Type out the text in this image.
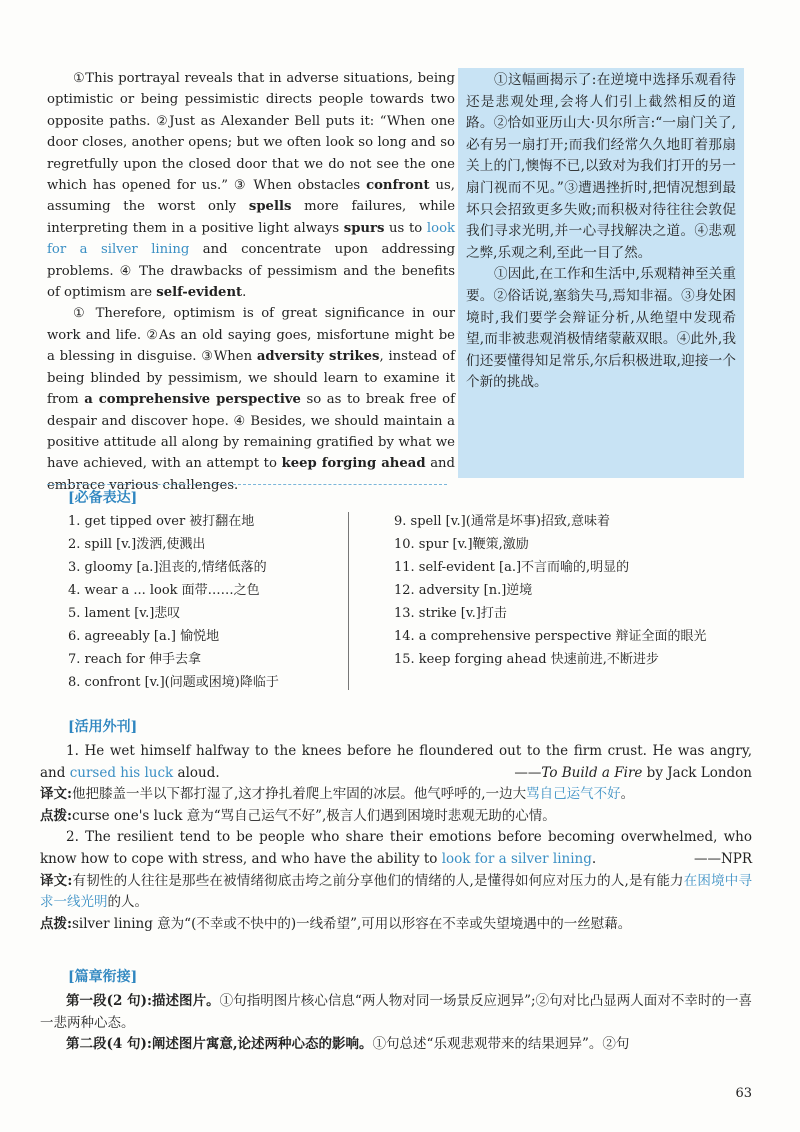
①This portrayal reveals that in adverse situations, being optimistic or being pessimistic directs people towards two opposite paths. ②Just as Alexander Bell puts it: “When one door closes, another opens; but we often look so long and so regretfully upon the closed door that we do not see the one which has opened for us.” ③ When obstacles confront us, assuming the worst only spells more failures, while interpreting them in a positive light always spurs us to look for a silver lining and concentrate upon addressing problems. ④ The drawbacks of pessimism and the benefits of optimism are self-evident.

① Therefore, optimism is of great significance in our work and life. ②As an old saying goes, misfortune might be a blessing in disguise. ③When adversity strikes, instead of being blinded by pessimism, we should learn to examine it from a comprehensive perspective so as to break free of despair and discover hope. ④ Besides, we should maintain a positive attitude all along by remaining gratified by what we have achieved, with an attempt to keep forging ahead and embrace various challenges.

①这幅画揭示了:在逆境中选择乐观看待还是悲观处理,会将人们引上截然相反的道路。②恰如亚历山大·贝尔所言:“一扇门关了,必有另一扇打开;而我们经常久久地盯着那扇关上的门,懊悔不已,以致对为我们打开的另一扇门视而不见。”③遭遇挫折时,把情况想到最坏只会招致更多失败;而积极对待往往会敦促我们寻求光明,并一心寻找解决之道。④悲观之弊,乐观之利,至此一目了然。

①因此,在工作和生活中,乐观精神至关重要。②俗话说,塞翁失马,焉知非福。③身处困境时,我们要学会辩证分析,从绝望中发现希望,而非被悲观消极情绪蒙蔽双眼。④此外,我们还要懂得知足常乐,尔后积极进取,迎接一个个新的挑战。

[必备表达]
1. get tipped over 被打翻在地
2. spill [v.]泼洒,使溅出
3. gloomy [a.]沮丧的,情绪低落的
4. wear a ... look 面带……之色
5. lament [v.]悲叹
6. agreeably [a.] 愉悦地
7. reach for 伸手去拿
8. confront [v.](问题或困境)降临于
9. spell [v.](通常是坏事)招致,意味着
10. spur [v.]鞭策,激励
11. self-evident [a.]不言而喻的,明显的
12. adversity [n.]逆境
13. strike [v.]打击
14. a comprehensive perspective 辩证全面的眼光
15. keep forging ahead 快速前进,不断进步
[活用外刊]

1. He wet himself halfway to the knees before he floundered out to the firm crust. He was angry, and cursed his luck aloud.	——To Build a Fire by Jack London

译文:他把膝盖一半以下都打湿了,这才挣扎着爬上牢固的冰层。他气呼呼的,一边大骂自己运气不好。

点拨:curse one's luck 意为“骂自己运气不好”,极言人们遇到困境时悲观无助的心情。

2. The resilient tend to be people who share their emotions before becoming overwhelmed, who know how to cope with stress, and who have the ability to look for a silver lining.	——NPR

译文:有韧性的人往往是那些在被情绪彻底击垮之前分享他们的情绪的人,是懂得如何应对压力的人,是有能力在困境中寻求一线光明的人。

点拨:silver lining 意为“(不幸或不快中的)一线希望”,可用以形容在不幸或失望境遇中的一丝慰藉。

[篇章衔接]

第一段(2 句):描述图片。①句指明图片核心信息“两人物对同一场景反应迥异”;②句对比凸显两人面对不幸时的一喜一悲两种心态。

第二段(4 句):阐述图片寓意,论述两种心态的影响。①句总述“乐观悲观带来的结果迥异”。②句

63
